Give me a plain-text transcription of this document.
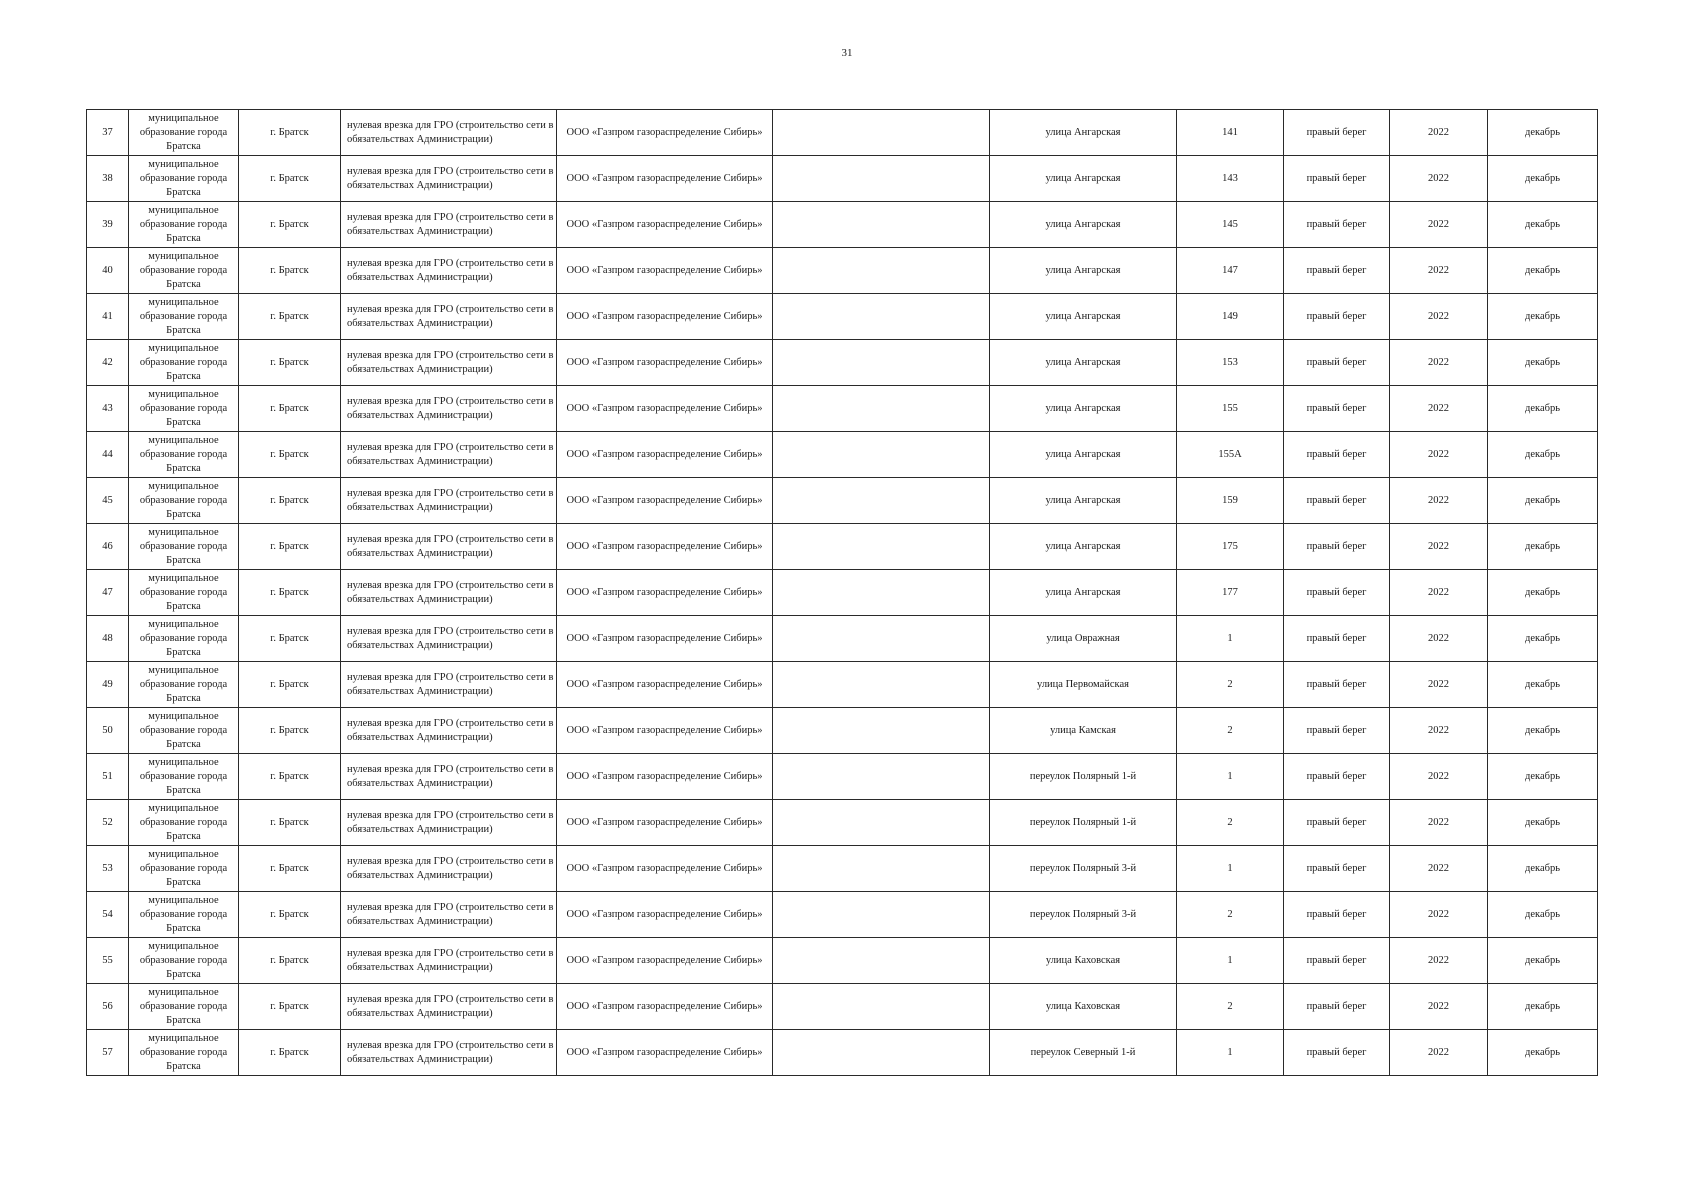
31
37	муниципальное образование города Братска	г. Братск	нулевая врезка для ГРО (строительство сети в обязательствах Администрации)	ООО «Газпром газораспределение Сибирь»		улица Ангарская	141	правый берег	2022	декабрь
38	муниципальное образование города Братска	г. Братск	нулевая врезка для ГРО (строительство сети в обязательствах Администрации)	ООО «Газпром газораспределение Сибирь»		улица Ангарская	143	правый берег	2022	декабрь
39	муниципальное образование города Братска	г. Братск	нулевая врезка для ГРО (строительство сети в обязательствах Администрации)	ООО «Газпром газораспределение Сибирь»		улица Ангарская	145	правый берег	2022	декабрь
40	муниципальное образование города Братска	г. Братск	нулевая врезка для ГРО (строительство сети в обязательствах Администрации)	ООО «Газпром газораспределение Сибирь»		улица Ангарская	147	правый берег	2022	декабрь
41	муниципальное образование города Братска	г. Братск	нулевая врезка для ГРО (строительство сети в обязательствах Администрации)	ООО «Газпром газораспределение Сибирь»		улица Ангарская	149	правый берег	2022	декабрь
42	муниципальное образование города Братска	г. Братск	нулевая врезка для ГРО (строительство сети в обязательствах Администрации)	ООО «Газпром газораспределение Сибирь»		улица Ангарская	153	правый берег	2022	декабрь
43	муниципальное образование города Братска	г. Братск	нулевая врезка для ГРО (строительство сети в обязательствах Администрации)	ООО «Газпром газораспределение Сибирь»		улица Ангарская	155	правый берег	2022	декабрь
44	муниципальное образование города Братска	г. Братск	нулевая врезка для ГРО (строительство сети в обязательствах Администрации)	ООО «Газпром газораспределение Сибирь»		улица Ангарская	155А	правый берег	2022	декабрь
45	муниципальное образование города Братска	г. Братск	нулевая врезка для ГРО (строительство сети в обязательствах Администрации)	ООО «Газпром газораспределение Сибирь»		улица Ангарская	159	правый берег	2022	декабрь
46	муниципальное образование города Братска	г. Братск	нулевая врезка для ГРО (строительство сети в обязательствах Администрации)	ООО «Газпром газораспределение Сибирь»		улица Ангарская	175	правый берег	2022	декабрь
47	муниципальное образование города Братска	г. Братск	нулевая врезка для ГРО (строительство сети в обязательствах Администрации)	ООО «Газпром газораспределение Сибирь»		улица Ангарская	177	правый берег	2022	декабрь
48	муниципальное образование города Братска	г. Братск	нулевая врезка для ГРО (строительство сети в обязательствах Администрации)	ООО «Газпром газораспределение Сибирь»		улица Овражная	1	правый берег	2022	декабрь
49	муниципальное образование города Братска	г. Братск	нулевая врезка для ГРО (строительство сети в обязательствах Администрации)	ООО «Газпром газораспределение Сибирь»		улица Первомайская	2	правый берег	2022	декабрь
50	муниципальное образование города Братска	г. Братск	нулевая врезка для ГРО (строительство сети в обязательствах Администрации)	ООО «Газпром газораспределение Сибирь»		улица Камская	2	правый берег	2022	декабрь
51	муниципальное образование города Братска	г. Братск	нулевая врезка для ГРО (строительство сети в обязательствах Администрации)	ООО «Газпром газораспределение Сибирь»		переулок Полярный 1-й	1	правый берег	2022	декабрь
52	муниципальное образование города Братска	г. Братск	нулевая врезка для ГРО (строительство сети в обязательствах Администрации)	ООО «Газпром газораспределение Сибирь»		переулок Полярный 1-й	2	правый берег	2022	декабрь
53	муниципальное образование города Братска	г. Братск	нулевая врезка для ГРО (строительство сети в обязательствах Администрации)	ООО «Газпром газораспределение Сибирь»		переулок Полярный 3-й	1	правый берег	2022	декабрь
54	муниципальное образование города Братска	г. Братск	нулевая врезка для ГРО (строительство сети в обязательствах Администрации)	ООО «Газпром газораспределение Сибирь»		переулок Полярный 3-й	2	правый берег	2022	декабрь
55	муниципальное образование города Братска	г. Братск	нулевая врезка для ГРО (строительство сети в обязательствах Администрации)	ООО «Газпром газораспределение Сибирь»		улица Каховская	1	правый берег	2022	декабрь
56	муниципальное образование города Братска	г. Братск	нулевая врезка для ГРО (строительство сети в обязательствах Администрации)	ООО «Газпром газораспределение Сибирь»		улица Каховская	2	правый берег	2022	декабрь
57	муниципальное образование города Братска	г. Братск	нулевая врезка для ГРО (строительство сети в обязательствах Администрации)	ООО «Газпром газораспределение Сибирь»		переулок Северный 1-й	1	правый берег	2022	декабрь
